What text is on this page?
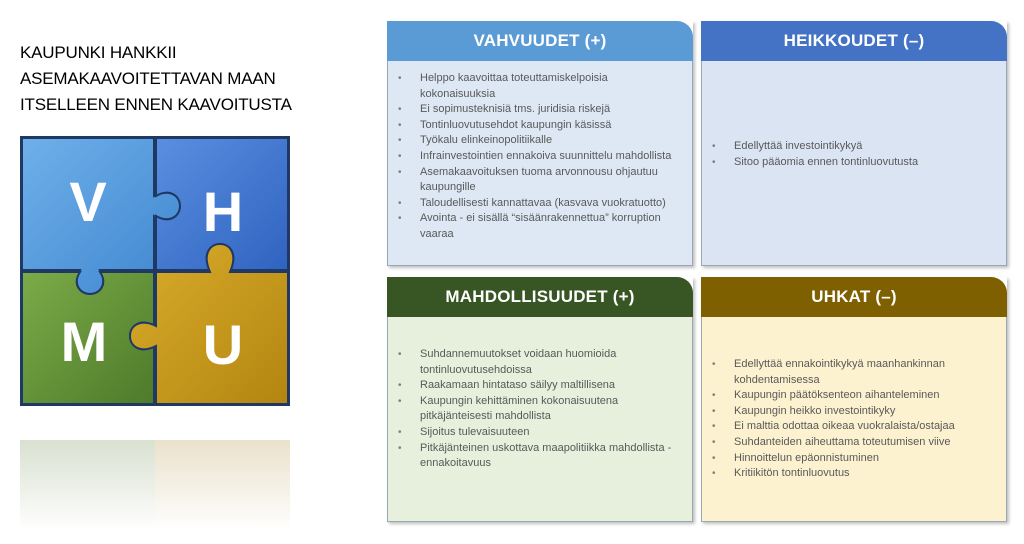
KAUPUNKI HANKKII
ASEMAKAAVOITETTAVAN MAAN
ITSELLEEN ENNEN KAAVOITUSTA
V H
M U
VAHVUUDET (+)
• Helppo kaavoittaa toteuttamiskelpoisia kokonaisuuksia
• Ei sopimusteknisiä tms. juridisia riskejä
• Tontinluovutusehdot kaupungin käsissä
• Työkalu elinkeinopolitiikalle
• Infrainvestointien ennakoiva suunnittelu mahdollista
• Asemakaavoituksen tuoma arvonnousu ohjautuu kaupungille
• Taloudellisesti kannattavaa (kasvava vuokratuotto)
• Avointa - ei sisällä “sisäänrakennettua” korruption vaaraa
HEIKKOUDET (–)
• Edellyttää investointikykyä
• Sitoo pääomia ennen tontinluovutusta
MAHDOLLISUUDET (+)
• Suhdannemuutokset voidaan huomioida tontinluovutusehdoissa
• Raakamaan hintataso säilyy maltillisena
• Kaupungin kehittäminen kokonaisuutena pitkäjänteisesti mahdollista
• Sijoitus tulevaisuuteen
• Pitkäjänteinen uskottava maapolitiikka mahdollista - ennakoitavuus
UHKAT (–)
• Edellyttää ennakointikykyä maanhankinnan kohdentamisessa
• Kaupungin päätöksenteon aihanteleminen
• Kaupungin heikko investointikyky
• Ei malttia odottaa oikeaa vuokralaista/ostajaa
• Suhdanteiden aiheuttama toteutumisen viive
• Hinnoittelun epäonnistuminen
• Kritiikitön tontinluovutus
